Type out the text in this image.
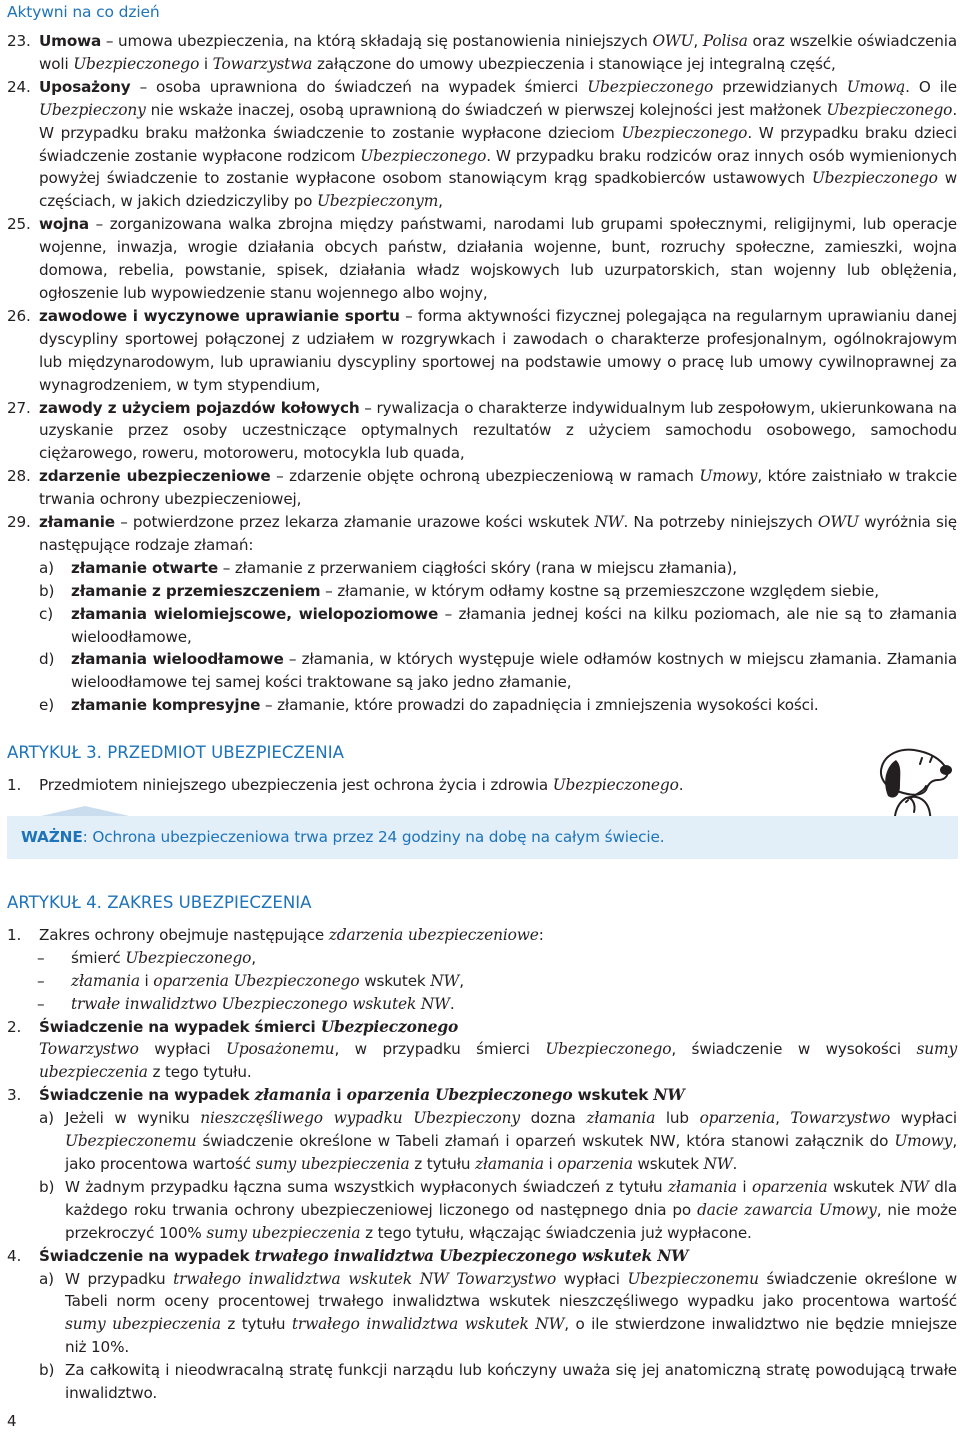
Aktywni na co dzień
23. Umowa – umowa ubezpieczenia, na którą składają się postanowienia niniejszych OWU, Polisa oraz wszelkie oświadczenia woli Ubezpieczonego i Towarzystwa załączone do umowy ubezpieczenia i stanowiące jej integralną część,
24. Uposażony – osoba uprawniona do świadczeń na wypadek śmierci Ubezpieczonego przewidzianych Umową. O ile Ubezpieczony nie wskaże inaczej, osobą uprawnioną do świadczeń w pierwszej kolejności jest małżonek Ubezpieczonego. W przypadku braku małżonka świadczenie to zostanie wypłacone dzieciom Ubezpieczonego. W przypadku braku dzieci świadczenie zostanie wypłacone rodzicom Ubezpieczonego. W przypadku braku rodziców oraz innych osób wymienionych powyżej świadczenie to zostanie wypłacone osobom stanowiącym krąg spadkobierców ustawowych Ubezpieczonego w częściach, w jakich dziedziczyliby po Ubezpieczonym,
25. wojna – zorganizowana walka zbrojna między państwami, narodami lub grupami społecznymi, religijnymi, lub operacje wojenne, inwazja, wrogie działania obcych państw, działania wojenne, bunt, rozruchy społeczne, zamieszki, wojna domowa, rebelia, powstanie, spisek, działania władz wojskowych lub uzurpatorskich, stan wojenny lub oblężenia, ogłoszenie lub wypowiedzenie stanu wojennego albo wojny,
26. zawodowe i wyczynowe uprawianie sportu – forma aktywności fizycznej polegająca na regularnym uprawianiu danej dyscypliny sportowej połączonej z udziałem w rozgrywkach i zawodach o charakterze profesjonalnym, ogólnokrajowym lub międzynarodowym, lub uprawianiu dyscypliny sportowej na podstawie umowy o pracę lub umowy cywilnoprawnej za wynagrodzeniem, w tym stypendium,
27. zawody z użyciem pojazdów kołowych – rywalizacja o charakterze indywidualnym lub zespołowym, ukierunkowana na uzyskanie przez osoby uczestniczące optymalnych rezultatów z użyciem samochodu osobowego, samochodu ciężarowego, roweru, motoroweru, motocykla lub quada,
28. zdarzenie ubezpieczeniowe – zdarzenie objęte ochroną ubezpieczeniową w ramach Umowy, które zaistniało w trakcie trwania ochrony ubezpieczeniowej,
29. złamanie – potwierdzone przez lekarza złamanie urazowe kości wskutek NW. Na potrzeby niniejszych OWU wyróżnia się następujące rodzaje złamań:
a) złamanie otwarte – złamanie z przerwaniem ciągłości skóry (rana w miejscu złamania),
b) złamanie z przemieszczeniem – złamanie, w którym odłamy kostne są przemieszczone względem siebie,
c) złamania wielomiejscowe, wielopoziomowe – złamania jednej kości na kilku poziomach, ale nie są to złamania wieloodłamowe,
d) złamania wieloodłamowe – złamania, w których występuje wiele odłamów kostnych w miejscu złamania. Złamania wieloodłamowe tej samej kości traktowane są jako jedno złamanie,
e) złamanie kompresyjne – złamanie, które prowadzi do zapadnięcia i zmniejszenia wysokości kości.
ARTYKUŁ 3. PRZEDMIOT UBEZPIECZENIA
1. Przedmiotem niniejszego ubezpieczenia jest ochrona życia i zdrowia Ubezpieczonego.
WAŻNE: Ochrona ubezpieczeniowa trwa przez 24 godziny na dobę na całym świecie.
ARTYKUŁ 4. ZAKRES UBEZPIECZENIA
1. Zakres ochrony obejmuje następujące zdarzenia ubezpieczeniowe:
– śmierć Ubezpieczonego,
– złamania i oparzenia Ubezpieczonego wskutek NW,
– trwałe inwalidztwo Ubezpieczonego wskutek NW.
2. Świadczenie na wypadek śmierci Ubezpieczonego
Towarzystwo wypłaci Uposażonemu, w przypadku śmierci Ubezpieczonego, świadczenie w wysokości sumy ubezpieczenia z tego tytułu.
3. Świadczenie na wypadek złamania i oparzenia Ubezpieczonego wskutek NW
a) Jeżeli w wyniku nieszczęśliwego wypadku Ubezpieczony dozna złamania lub oparzenia, Towarzystwo wypłaci Ubezpieczonemu świadczenie określone w Tabeli złamań i oparzeń wskutek NW, która stanowi załącznik do Umowy, jako procentowa wartość sumy ubezpieczenia z tytułu złamania i oparzenia wskutek NW.
b) W żadnym przypadku łączna suma wszystkich wypłaconych świadczeń z tytułu złamania i oparzenia wskutek NW dla każdego roku trwania ochrony ubezpieczeniowej liczonego od następnego dnia po dacie zawarcia Umowy, nie może przekroczyć 100% sumy ubezpieczenia z tego tytułu, włączając świadczenia już wypłacone.
4. Świadczenie na wypadek trwałego inwalidztwa Ubezpieczonego wskutek NW
a) W przypadku trwałego inwalidztwa wskutek NW Towarzystwo wypłaci Ubezpieczonemu świadczenie określone w Tabeli norm oceny procentowej trwałego inwalidztwa wskutek nieszczęśliwego wypadku jako procentowa wartość sumy ubezpieczenia z tytułu trwałego inwalidztwa wskutek NW, o ile stwierdzone inwalidztwo nie będzie mniejsze niż 10%.
b) Za całkowitą i nieodwracalną stratę funkcji narządu lub kończyny uważa się jej anatomiczną stratę powodującą trwałe inwalidztwo.
4
